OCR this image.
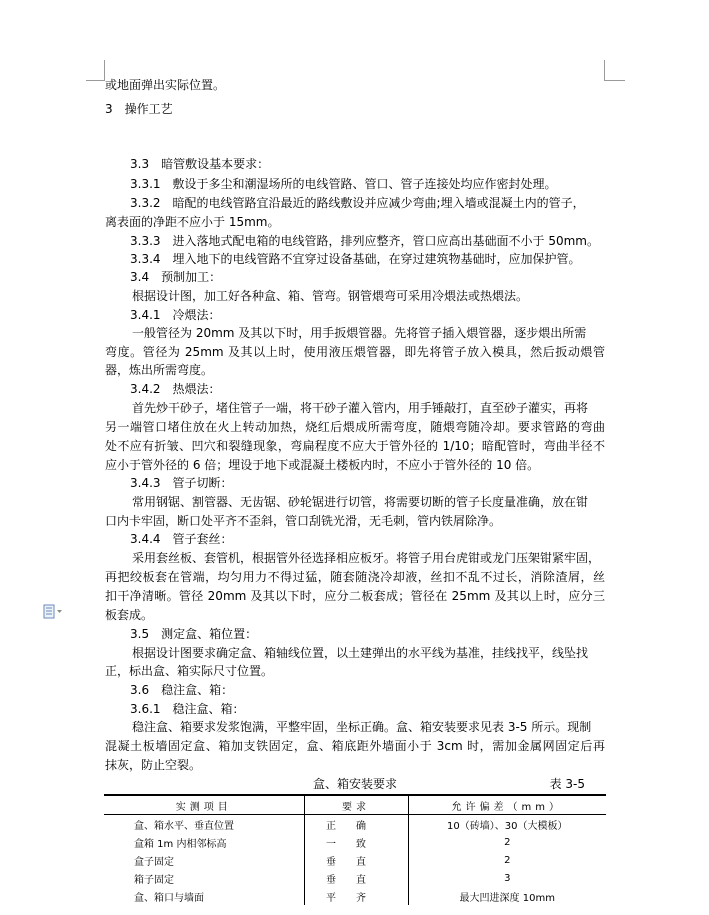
或地面弹出实际位置。
3　操作工艺
3.3　暗管敷设基本要求：
3.3.1　敷设于多尘和潮湿场所的电线管路、管口、管子连接处均应作密封处理。
3.3.2　暗配的电线管路宜沿最近的路线敷设并应减少弯曲;埋入墙或混凝土内的管子，
离表面的净距不应小于 15mm。
3.3.3　进入落地式配电箱的电线管路，排列应整齐，管口应高出基础面不小于 50mm。
3.3.4　埋入地下的电线管路不宜穿过设备基础，在穿过建筑物基础时，应加保护管。
3.4　预制加工：
根据设计图，加工好各种盒、箱、管弯。钢管煨弯可采用冷煨法或热煨法。
3.4.1　冷煨法：
一般管径为 20mm 及其以下时，用手扳煨管器。先将管子插入煨管器，逐步煨出所需
弯度。管径为 25mm 及其以上时，使用液压煨管器，即先将管子放入模具，然后扳动煨管
器，炼出所需弯度。
3.4.2　热煨法：
首先炒干砂子，堵住管子一端，将干砂子灌入管内，用手锤敲打，直至砂子灌实，再将
另一端管口堵住放在火上转动加热，烧红后煨成所需弯度，随煨弯随冷却。要求管路的弯曲
处不应有折皱、凹穴和裂缝现象，弯扁程度不应大于管外径的 1/10；暗配管时，弯曲半径不
应小于管外径的 6 倍；埋设于地下或混凝土楼板内时，不应小于管外径的 10 倍。
3.4.3　管子切断：
常用钢锯、割管器、无齿锯、砂轮锯进行切管，将需要切断的管子长度量准确，放在钳
口内卡牢固，断口处平齐不歪斜，管口刮铣光滑，无毛刺，管内铁屑除净。
3.4.4　管子套丝：
采用套丝板、套管机，根据管外径选择相应板牙。将管子用台虎钳或龙门压架钳紧牢固，
再把绞板套在管端，均匀用力不得过猛，随套随浇冷却液，丝扣不乱不过长，消除渣屑，丝
扣干净清晰。管径 20mm 及其以下时，应分二板套成；管径在 25mm 及其以上时，应分三
板套成。
3.5　测定盒、箱位置：
根据设计图要求确定盒、箱轴线位置，以土建弹出的水平线为基准，挂线找平，线坠找
正，标出盒、箱实际尺寸位置。
3.6　稳注盒、箱：
3.6.1　稳注盒、箱：
稳注盒、箱要求发浆饱满，平整牢固，坐标正确。盒、箱安装要求见表 3-5 所示。现制
混凝土板墙固定盒、箱加支铁固定，盒、箱底距外墙面小于 3cm 时，需加金属网固定后再
抹灰，防止空裂。
盒、箱安装要求	表 3-5
实测项目	要求	允许偏差（mm）
盒、箱水平、垂直位置	正确	10（砖墙）、30（大模板）
盒箱 1m 内相邻标高	一致	2
盒子固定	垂直	2
箱子固定	垂直	3
盒、箱口与墙面	平齐	最大凹进深度 10mm
